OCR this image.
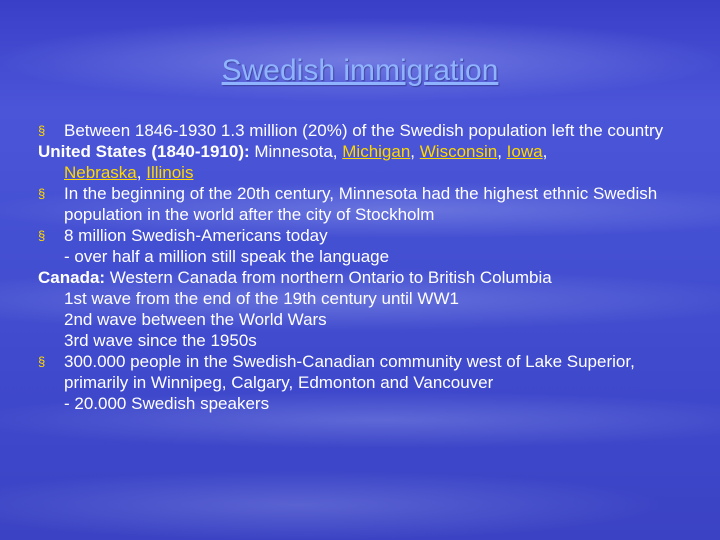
Swedish immigration
§ Between 1846-1930 1.3 million (20%) of the Swedish population left the country
United States (1840-1910): Minnesota, Michigan, Wisconsin, Iowa,
Nebraska, Illinois
§ In the beginning of the 20th century, Minnesota had the highest ethnic Swedish population in the world after the city of Stockholm
§ 8 million Swedish-Americans today
- over half a million still speak the language
Canada: Western Canada from northern Ontario to British Columbia
1st wave from the end of the 19th century until WW1
2nd wave between the World Wars
3rd wave since the 1950s
§ 300.000 people in the Swedish-Canadian community west of Lake Superior, primarily in Winnipeg, Calgary, Edmonton and Vancouver
- 20.000 Swedish speakers
